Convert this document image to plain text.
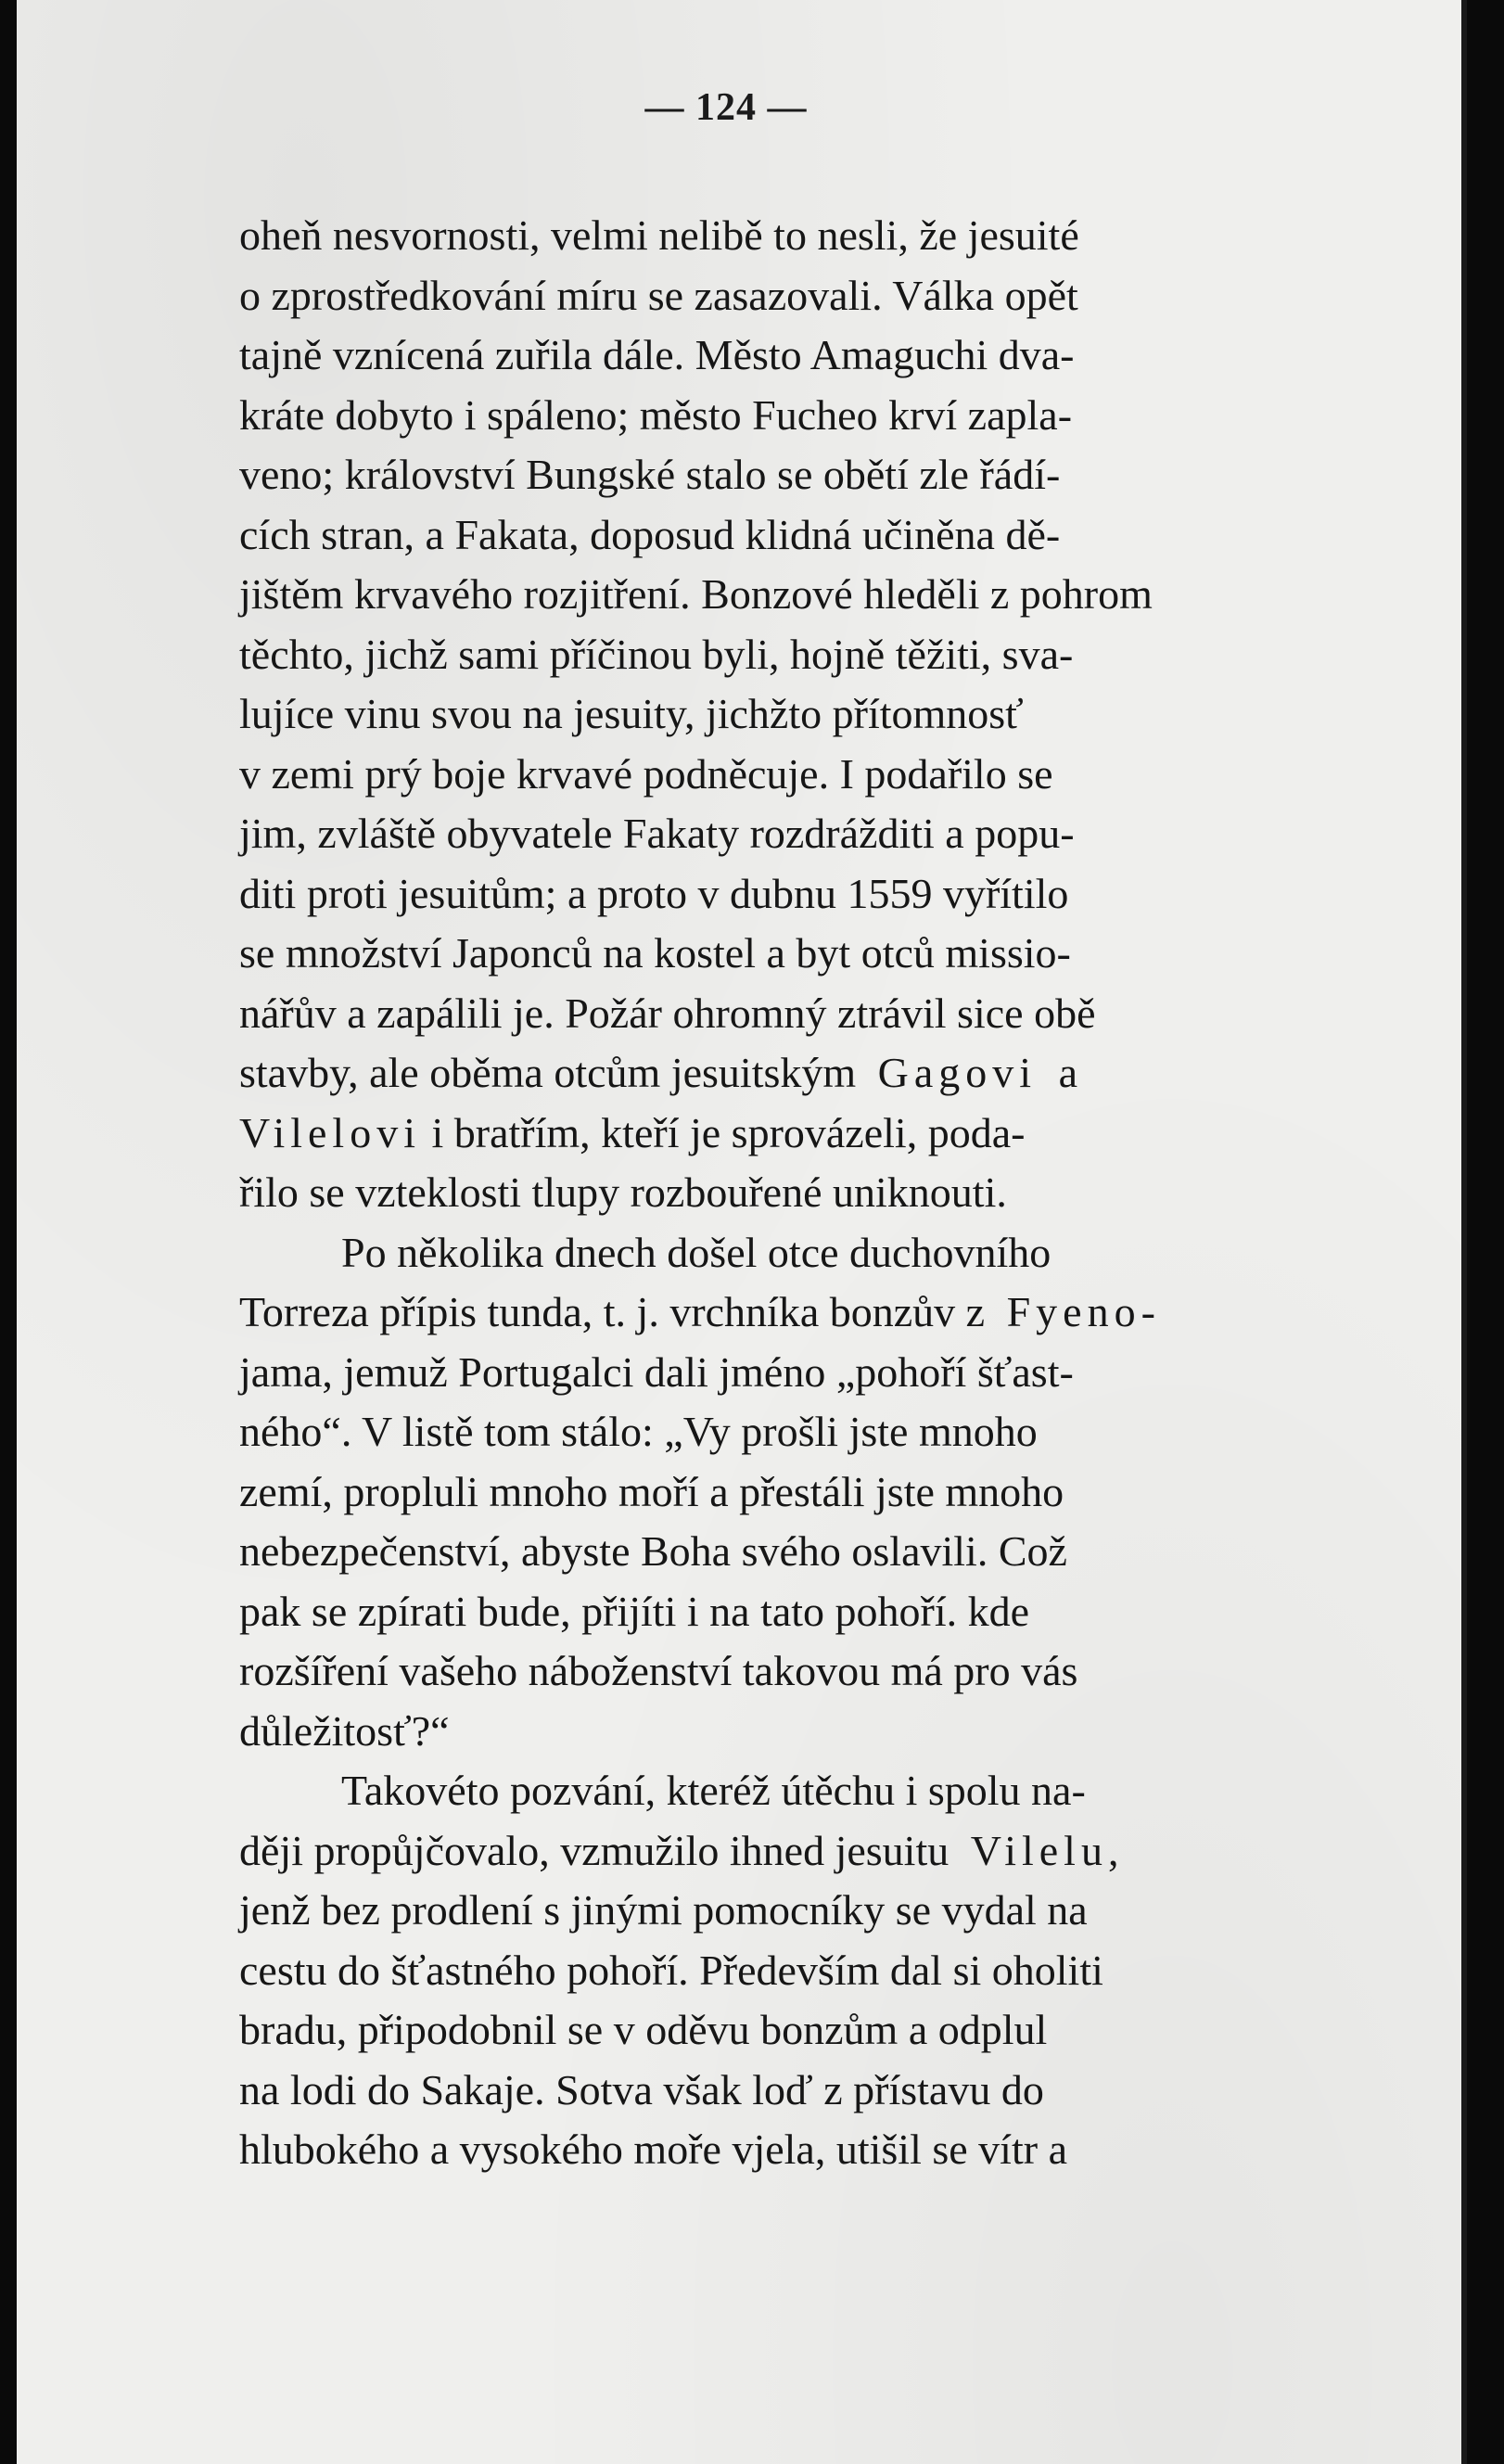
— 124 —
oheň nesvornosti, velmi nelibě to nesli, že jesuité
o zprostředkování míru se zasazovali. Válka opět
tajně vznícená zuřila dále. Město Amaguchi dva-
kráte dobyto i spáleno; město Fucheo krví zapla-
veno; království Bungské stalo se obětí zle řádí-
cích stran, a Fakata, doposud klidná učiněna dě-
jištěm krvavého rozjitření. Bonzové hleděli z pohrom
těchto, jichž sami příčinou byli, hojně těžiti, sva-
lujíce vinu svou na jesuity, jichžto přítomnosť
v zemi prý boje krvavé podněcuje. I podařilo se
jim, zvláště obyvatele Fakaty rozdrážditi a popu-
diti proti jesuitům; a proto v dubnu 1559 vyřítilo
se množství Japonců na kostel a byt otců missio-
nářův a zapálili je. Požár ohromný ztrávil sice obě
stavby, ale oběma otcům jesuitským Gagovi a
Vilelovi i bratřím, kteří je sprovázeli, poda-
řilo se vzteklosti tlupy rozbouřené uniknouti.
Po několika dnech došel otce duchovního
Torreza přípis tunda, t. j. vrchníka bonzův z Fyeno-
jama, jemuž Portugalci dali jméno „pohoří šťast-
ného“. V listě tom stálo: „Vy prošli jste mnoho
zemí, propluli mnoho moří a přestáli jste mnoho
nebezpečenství, abyste Boha svého oslavili. Což
pak se zpírati bude, přijíti i na tato pohoří. kde
rozšíření vašeho náboženství takovou má pro vás
důležitosť?“
Takovéto pozvání, kteréž útěchu i spolu na-
ději propůjčovalo, vzmužilo ihned jesuitu Vilelu,
jenž bez prodlení s jinými pomocníky se vydal na
cestu do šťastného pohoří. Především dal si oholiti
bradu, připodobnil se v oděvu bonzům a odplul
na lodi do Sakaje. Sotva však loď z přístavu do
hlubokého a vysokého moře vjela, utišil se vítr a
